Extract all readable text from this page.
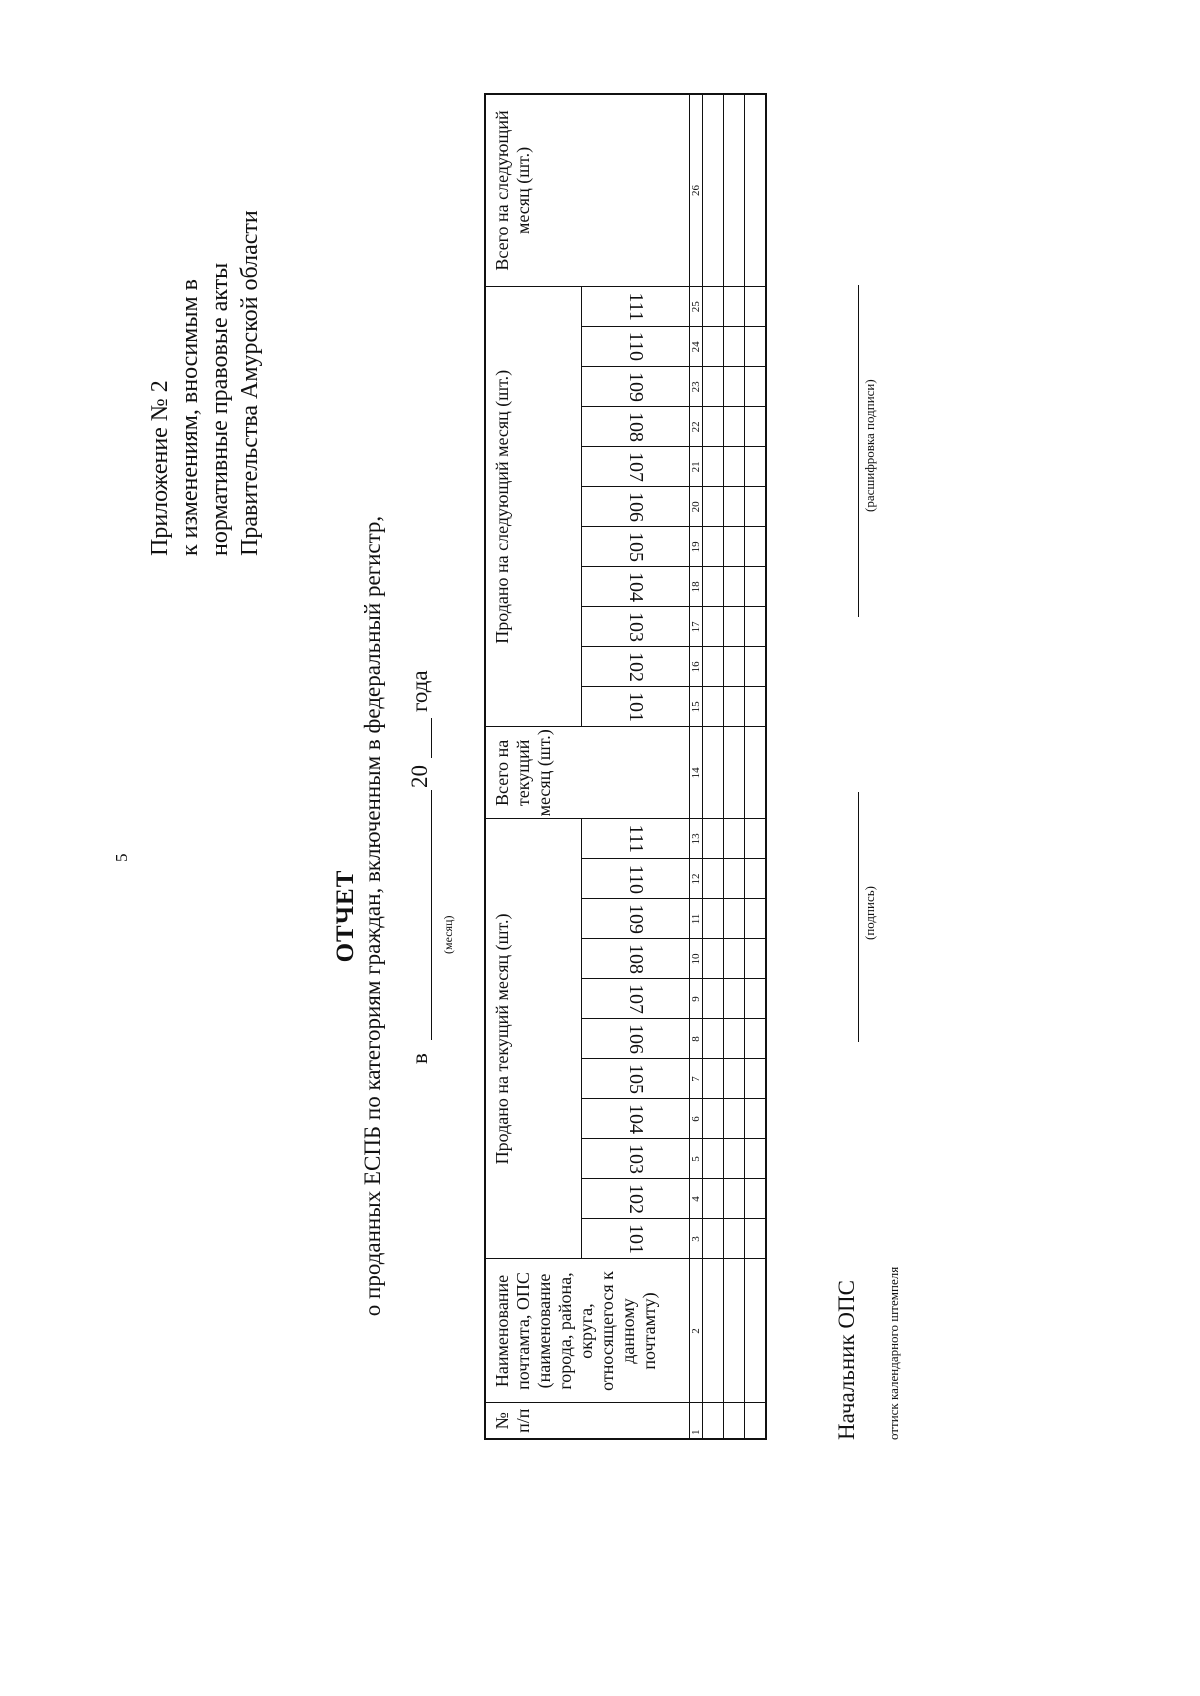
5
Приложение № 2 к изменениям, вносимым в нормативные правовые акты Правительства Амурской области
ОТЧЕТ о проданных ЕСПБ по категориям граждан, включенным в федеральный регистр, в
(месяц)
20
года
№ п/п	Наименование почтамта, ОПС (наименование города, района, округа, относящегося к данному почтамту)	Продано на текущий месяц (шт.)											Всего на текущий месяц (шт.)	Продано на следующий месяц (шт.)											Всего на следующий месяц (шт.)
		101	102	103	104	105	106	107	108	109	110	111		101	102	103	104	105	106	107	108	109	110	111	
1	2	3	4	5	6	7	8	9	10	11	12	13	14	15	16	17	18	19	20	21	22	23	24	25	26

Начальник ОПС оттиск календарного штемпеля
(подпись)
(расшифровка подписи)
